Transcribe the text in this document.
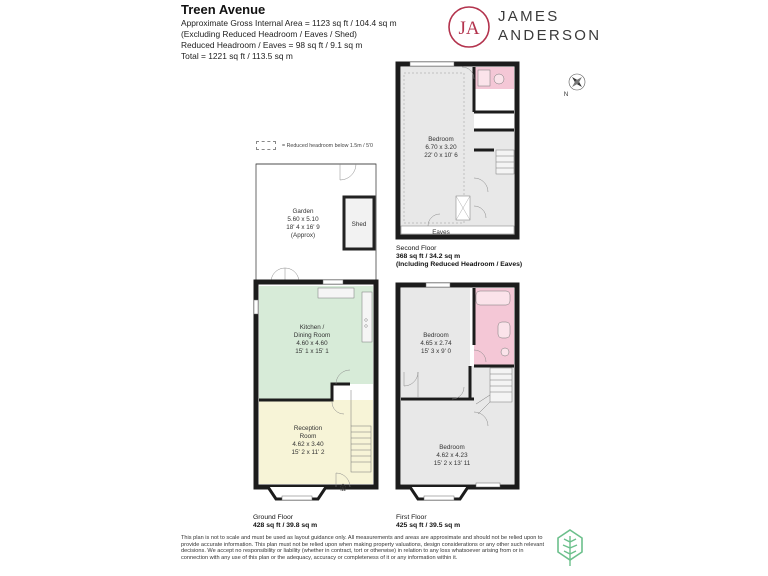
Treen Avenue
Approximate Gross Internal Area = 1123 sq ft / 104.4 sq m
(Excluding Reduced Headroom / Eaves / Shed)
Reduced Headroom / Eaves = 98 sq ft / 9.1 sq m
Total = 1221 sq ft / 113.5 sq m
JA
JAMES
ANDERSON
= Reduced headroom below 1.5m / 5'0
Garden 5.60 x 5.10 18' 4 x 16' 9 (Approx)
Shed
Kitchen / Dining Room 4.60 x 4.60 15' 1 x 15' 1
Reception Room 4.62 x 3.40 15' 2 x 11' 2
Bedroom 4.65 x 2.74 15' 3 x 9' 0
Bedroom 4.62 x 4.23 15' 2 x 13' 11
Bedroom 6.70 x 3.20 22' 0 x 10' 6
Eaves
IN
N
Ground Floor
428 sq ft / 39.8 sq m
First Floor
425 sq ft / 39.5 sq m
Second Floor
368 sq ft / 34.2 sq m
(Including Reduced Headroom / Eaves)
This plan is not to scale and must be used as layout guidance only. All measurements and areas are approximate and should not be relied upon to provide accurate information. This plan must not be relied upon when making property valuations, design considerations or any other such relevant decisions. We accept no responsibility or liability (whether in contract, tort or otherwise) in relation to any loss whatsoever arising from or in connection with any use of this plan or the adequacy, accuracy or completeness of it or any information within it.
